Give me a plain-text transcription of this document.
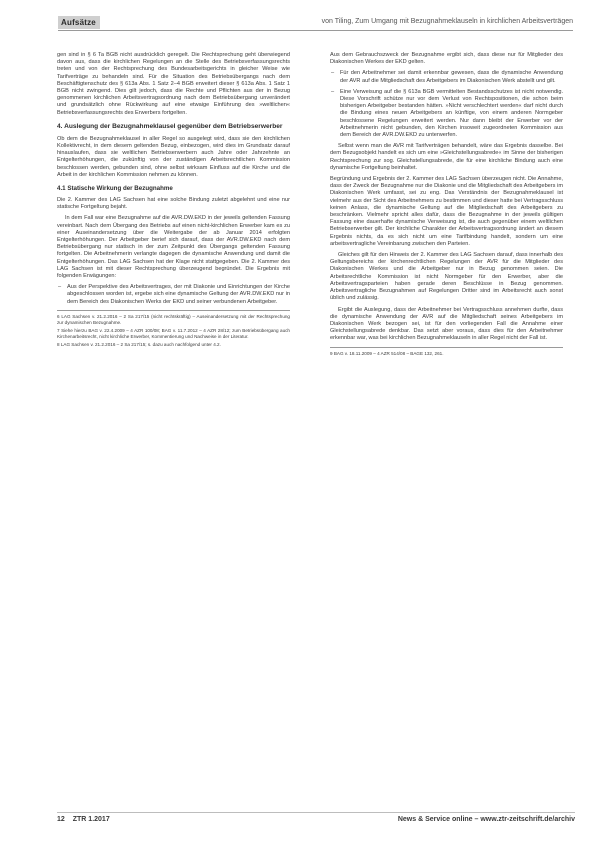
Aufsätze	von Tiling, Zum Umgang mit Bezugnahmeklauseln in kirchlichen Arbeitsverträgen

gen sind in § 6 Ta BGB nicht ausdrücklich geregelt. Die Rechtsprechung geht überwiegend davon aus, dass die kirchlichen Regelungen an die Stelle des Betriebsverfassungsrechts treten und von der Rechtsprechung des Bundesarbeitsgerichts in gleicher Weise wie Tarifverträge zu behandeln sind. Für die Situation des Betriebsübergangs nach dem Beschäftigtenschutz des § 613a Abs. 1 Satz 2–4 BGB erweitert dieser § 613a Abs. 1 Satz 1 BGB nicht zwingend. Dies gilt jedoch, dass die Rechte und Pflichten aus der in Bezug genommenen kirchlichen Arbeitsvertragsordnung nach dem Betriebsübergang unverändert und grundsätzlich ohne Rückwirkung auf eine etwaige Einführung des »weltlichen« Betriebsverfassungsrechts des Erwerbers fortgelten.

4. Auslegung der Bezugnahmeklausel gegenüber dem Betriebserwerber

Ob dem die Bezugnahmeklausel in aller Regel so ausgelegt wird, dass sie den kirchlichen Kollektivrecht, in dem diesem geltenden Bezug, einbezogen, wird dies im Grundsatz darauf hinauslaufen, dass sie weltlichen Betriebserwerbern auch Jahre oder Jahrzehnte an Entgelterhöhungen, die zukünftig von der zuständigen Arbeitsrechtlichen Kommission beschlossen werden, gebunden sind, ohne selbst wirksam Einfluss auf die Kirche und die Arbeit in der kirchlichen Kommission nehmen zu können.

4.1 Statische Wirkung der Bezugnahme

Die 2. Kammer des LAG Sachsen hat eine solche Bindung zuletzt abgelehnt und eine nur statische Fortgeltung bejaht.

In dem Fall war eine Bezugnahme auf die AVR.DW.EKD in der jeweils geltenden Fassung vereinbart. Nach dem Übergang des Betriebs auf einen nicht-kirchlichen Erwerber kam es zu einer Auseinandersetzung über die Weitergabe der ab Januar 2014 erfolgten Entgelterhöhungen. Der Arbeitgeber berief sich darauf, dass der AVR.DW.EKD nach dem Betriebsübergang nur statisch in der zum Zeitpunkt des Übergangs geltenden Fassung fortgelten. Die Arbeitnehmerin verlangte dagegen die dynamische Anwendung und damit die Entgelterhöhungen. Das LAG Sachsen hat der Klage nicht stattgegeben. Die 2. Kammer des LAG Sachsen ist mit dieser Rechtsprechung überzeugend begründet. Die Ergebnis mit folgenden Erwägungen:

– Aus der Perspektive des Arbeitsvertrages, der mit Diakonie und Einrichtungen der Kirche abgeschlossen worden ist, ergebe sich eine dynamische Geltung der AVR.DW.EKD nur in dem Bereich des Diakonischen Werks der EKD und seiner verbundenen Arbeitgeber.

6 LAG Sachsen v. 21.2.2016 – 2 Sa 217/15 (nicht rechtskräftig) – Auseinandersetzung mit der Rechtsprechung zur dynamischen Bezugnahme.

7 Siehe hierzu BAG v. 22.4.2009 – 4 AZR 100/08; BAG v. 11.7.2012 – 4 AZR 28/12; zum Betriebsübergang auch Kirchenarbeitsrecht, nicht kirchliche Erwerber, Kommentierung und Nachweise in der Literatur.

8 LAG Sachsen v. 21.2.2016 – 2 Sa 217/15; s. dazu auch nachfolgend unter 4.2.

Aus dem Gebrauchszweck der Bezugnahme ergibt sich, dass diese nur für Mitglieder des Diakonischen Werkes der EKD gelten.

– Für den Arbeitnehmer sei damit erkennbar gewesen, dass die dynamische Anwendung der AVR auf die Mitgliedschaft des Arbeitgebers im Diakonischen Werk abstellt und gilt.
– Eine Verweisung auf die § 613a BGB vermittelten Bestandsschutzes ist nicht notwendig. Diese Vorschrift schütze nur vor dem Verlust von Rechtspositionen, die schon beim bisherigen Arbeitgeber bestanden hätten. »Nicht verschlechtert werden« darf nicht durch die Bindung eines neuen Arbeitgebers an künftige, von einem anderen Normgeber beschlossene Regelungen erweitert werden. Nur dann bleibt der Erwerber vor der Arbeitnehmerin nicht gebunden, den Kirchen insoweit zugeordneten Kommission aus dem Bereich der AVR.DW.EKD zu unterwerfen.

Selbst wenn man die AVR mit Tarifverträgen behandelt, wäre das Ergebnis dasselbe. Bei dem Bezugsobjekt handelt es sich um eine »Gleichstellungsabrede« im Sinne der bisherigen Rechtsprechung zur sog. Gleichstellungsabrede, die für eine kirchliche Bindung auch eine dynamische Fortgeltung beinhaltet.

Begründung und Ergebnis der 2. Kammer des LAG Sachsen überzeugen nicht. Die Annahme, dass der Zweck der Bezugnahme nur die Diakonie und die Mitgliedschaft des Arbeitgebers im Diakonischen Werk umfasst, sei zu eng. Das Verständnis der Bezugnahmeklausel ist vielmehr aus der Sicht des Arbeitnehmers zu bestimmen und dieser hatte bei Vertragsschluss keinen Anlass, die dynamische Geltung auf die Mitgliedschaft des Arbeitgebers zu beschränken. Vielmehr spricht alles dafür, dass die Bezugnahme in der jeweils gültigen Fassung eine dauerhafte dynamische Verweisung ist, die auch gegenüber einem weltlichen Betriebserwerber gilt. Der kirchliche Charakter der Arbeitsvertragsordnung ändert an diesem Ergebnis nichts, da es sich nicht um eine Tarifbindung handelt, sondern um eine arbeitsvertragliche Vereinbarung zwischen den Parteien.

Gleiches gilt für den Hinweis der 2. Kammer des LAG Sachsen darauf, dass innerhalb des Geltungsbereichs der kirchenrechtlichen Regelungen der AVR für die Mitglieder des Diakonischen Werkes und die Arbeitgeber nur in Bezug genommen seien. Die Arbeitsrechtliche Kommission ist nicht Normgeber für den Erwerber, aber die Arbeitsvertragsparteien haben gerade deren Beschlüsse in Bezug genommen. Arbeitsvertragliche Bezugnahmen auf Regelungen Dritter sind im Arbeitsrecht auch sonst üblich und zulässig.

Ergibt die Auslegung, dass der Arbeitnehmer bei Vertragsschluss annehmen durfte, dass die dynamische Anwendung der AVR auf die Mitgliedschaft seines Arbeitgebers im Diakonischen Werk bezogen sei, ist für den vorliegenden Fall die Annahme einer Gleichstellungsabrede denkbar. Das setzt aber voraus, dass dies für den Arbeitnehmer erkennbar war, was bei kirchlichen Bezugnahmeklauseln in aller Regel nicht der Fall ist.

9 BAG v. 18.11.2009 – 4 AZR 514/08 – BAGE 132, 261.

12 ZTR 1.2017	News & Service online – www.ztr-zeitschrift.de/archiv
